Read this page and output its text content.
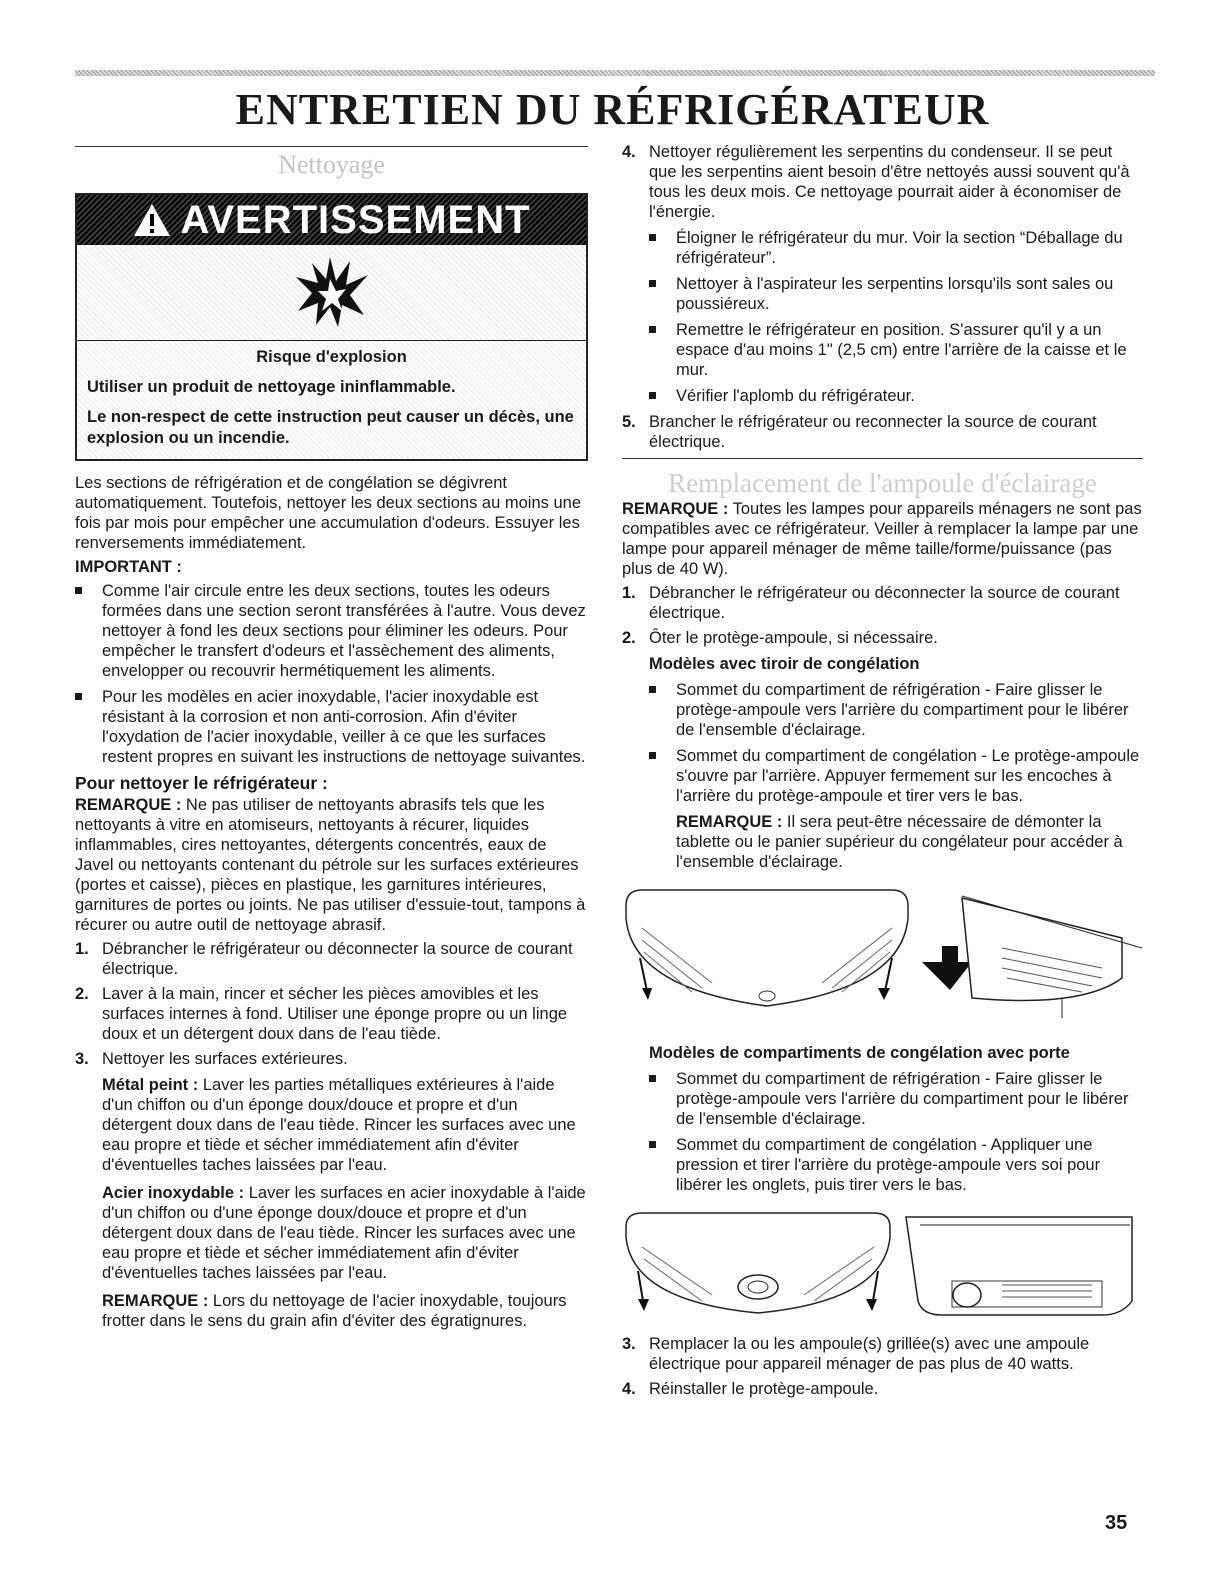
ENTRETIEN DU RÉFRIGÉRATEUR
Nettoyage
AVERTISSEMENT
Risque d'explosion

Utiliser un produit de nettoyage ininflammable.

Le non-respect de cette instruction peut causer un décès, une explosion ou un incendie.

Les sections de réfrigération et de congélation se dégivrent automatiquement. Toutefois, nettoyer les deux sections au moins une fois par mois pour empêcher une accumulation d'odeurs. Essuyer les renversements immédiatement.

IMPORTANT :
Comme l'air circule entre les deux sections, toutes les odeurs formées dans une section seront transférées à l'autre. Vous devez nettoyer à fond les deux sections pour éliminer les odeurs. Pour empêcher le transfert d'odeurs et l'assèchement des aliments, envelopper ou recouvrir hermétiquement les aliments.
Pour les modèles en acier inoxydable, l'acier inoxydable est résistant à la corrosion et non anti-corrosion. Afin d'éviter l'oxydation de l'acier inoxydable, veiller à ce que les surfaces restent propres en suivant les instructions de nettoyage suivantes.
Pour nettoyer le réfrigérateur :

REMARQUE : Ne pas utiliser de nettoyants abrasifs tels que les nettoyants à vitre en atomiseurs, nettoyants à récurer, liquides inflammables, cires nettoyantes, détergents concentrés, eaux de Javel ou nettoyants contenant du pétrole sur les surfaces extérieures (portes et caisse), pièces en plastique, les garnitures intérieures, garnitures de portes ou joints. Ne pas utiliser d'essuie-tout, tampons à récurer ou autre outil de nettoyage abrasif.

1. Débrancher le réfrigérateur ou déconnecter la source de courant électrique.
2. Laver à la main, rincer et sécher les pièces amovibles et les surfaces internes à fond. Utiliser une éponge propre ou un linge doux et un détergent doux dans de l'eau tiède.
3. Nettoyer les surfaces extérieures.

Métal peint : Laver les parties métalliques extérieures à l'aide d'un chiffon ou d'un éponge doux/douce et propre et d'un détergent doux dans de l'eau tiède. Rincer les surfaces avec une eau propre et tiède et sécher immédiatement afin d'éviter d'éventuelles taches laissées par l'eau.

Acier inoxydable : Laver les surfaces en acier inoxydable à l'aide d'un chiffon ou d'une éponge doux/douce et propre et d'un détergent doux dans de l'eau tiède. Rincer les surfaces avec une eau propre et tiède et sécher immédiatement afin d'éviter d'éventuelles taches laissées par l'eau.

REMARQUE : Lors du nettoyage de l'acier inoxydable, toujours frotter dans le sens du grain afin d'éviter des égratignures.

4. Nettoyer régulièrement les serpentins du condenseur. Il se peut que les serpentins aient besoin d'être nettoyés aussi souvent qu'à tous les deux mois. Ce nettoyage pourrait aider à économiser de l'énergie.
Éloigner le réfrigérateur du mur. Voir la section “Déballage du réfrigérateur”.
Nettoyer à l'aspirateur les serpentins lorsqu'ils sont sales ou poussiéreux.
Remettre le réfrigérateur en position. S'assurer qu'il y a un espace d'au moins 1" (2,5 cm) entre l'arrière de la caisse et le mur.
Vérifier l'aplomb du réfrigérateur.
5. Brancher le réfrigérateur ou reconnecter la source de courant électrique.
Remplacement de l'ampoule d'éclairage

REMARQUE : Toutes les lampes pour appareils ménagers ne sont pas compatibles avec ce réfrigérateur. Veiller à remplacer la lampe par une lampe pour appareil ménager de même taille/forme/puissance (pas plus de 40 W).

1. Débrancher le réfrigérateur ou déconnecter la source de courant électrique.
2. Ôter le protège-ampoule, si nécessaire.
Modèles avec tiroir de congélation
Sommet du compartiment de réfrigération - Faire glisser le protège-ampoule vers l'arrière du compartiment pour le libérer de l'ensemble d'éclairage.
Sommet du compartiment de congélation - Le protège-ampoule s'ouvre par l'arrière. Appuyer fermement sur les encoches à l'arrière du protège-ampoule et tirer vers le bas.

REMARQUE : Il sera peut-être nécessaire de démonter la tablette ou le panier supérieur du congélateur pour accéder à l'ensemble d'éclairage.

Modèles de compartiments de congélation avec porte
Sommet du compartiment de réfrigération - Faire glisser le protège-ampoule vers l'arrière du compartiment pour le libérer de l'ensemble d'éclairage.
Sommet du compartiment de congélation - Appliquer une pression et tirer l'arrière du protège-ampoule vers soi pour libérer les onglets, puis tirer vers le bas.
3. Remplacer la ou les ampoule(s) grillée(s) avec une ampoule électrique pour appareil ménager de pas plus de 40 watts.
4. Réinstaller le protège-ampoule.
35
